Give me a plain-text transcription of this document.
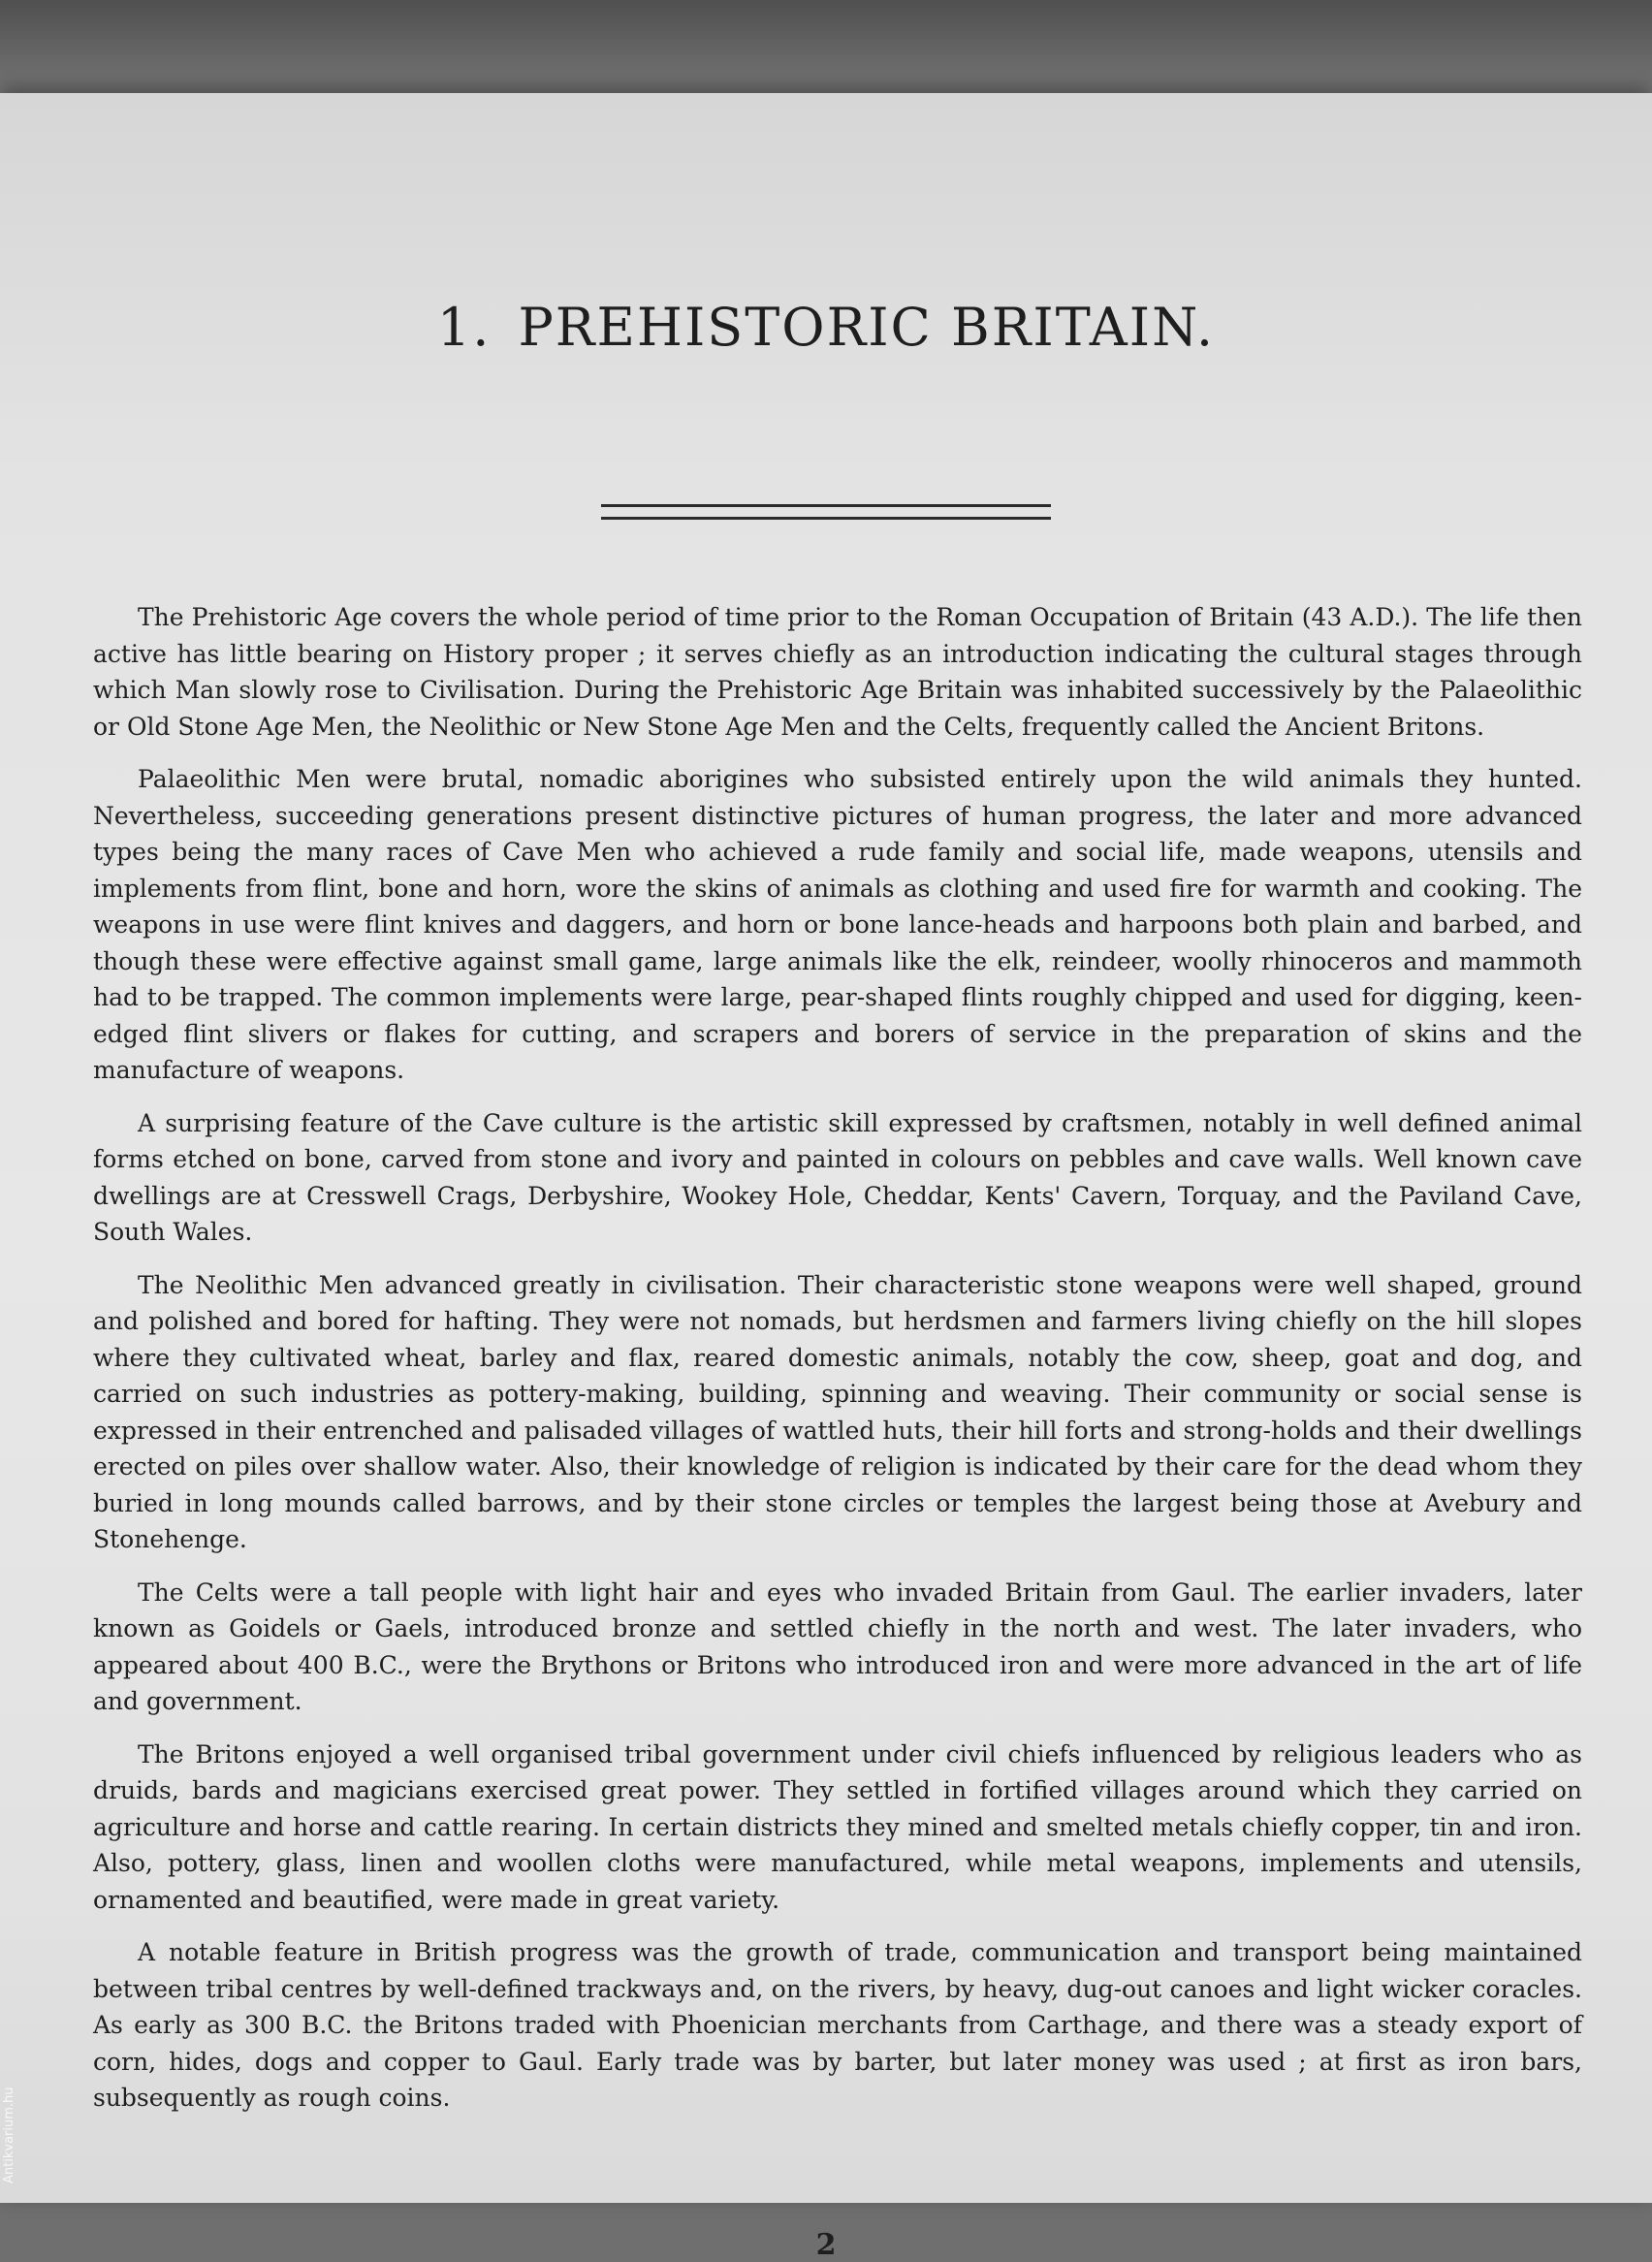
1. PREHISTORIC BRITAIN.

The Prehistoric Age covers the whole period of time prior to the Roman Occupation of Britain (43 A.D.). The life then active has little bearing on History proper ; it serves chiefly as an introduction indicating the cultural stages through which Man slowly rose to Civilisation. During the Prehistoric Age Britain was inhabited successively by the Palaeolithic or Old Stone Age Men, the Neolithic or New Stone Age Men and the Celts, frequently called the Ancient Britons.

Palaeolithic Men were brutal, nomadic aborigines who subsisted entirely upon the wild animals they hunted. Nevertheless, succeeding generations present distinctive pictures of human progress, the later and more advanced types being the many races of Cave Men who achieved a rude family and social life, made weapons, utensils and implements from flint, bone and horn, wore the skins of animals as clothing and used fire for warmth and cooking. The weapons in use were flint knives and daggers, and horn or bone lance-heads and harpoons both plain and barbed, and though these were effective against small game, large animals like the elk, reindeer, woolly rhinoceros and mammoth had to be trapped. The common implements were large, pear-shaped flints roughly chipped and used for digging, keen-edged flint slivers or flakes for cutting, and scrapers and borers of service in the preparation of skins and the manufacture of weapons.

A surprising feature of the Cave culture is the artistic skill expressed by craftsmen, notably in well defined animal forms etched on bone, carved from stone and ivory and painted in colours on pebbles and cave walls. Well known cave dwellings are at Cresswell Crags, Derbyshire, Wookey Hole, Cheddar, Kents' Cavern, Torquay, and the Paviland Cave, South Wales.

The Neolithic Men advanced greatly in civilisation. Their characteristic stone weapons were well shaped, ground and polished and bored for hafting. They were not nomads, but herdsmen and farmers living chiefly on the hill slopes where they cultivated wheat, barley and flax, reared domestic animals, notably the cow, sheep, goat and dog, and carried on such industries as pottery-making, building, spinning and weaving. Their community or social sense is expressed in their entrenched and palisaded villages of wattled huts, their hill forts and strong-holds and their dwellings erected on piles over shallow water. Also, their knowledge of religion is indicated by their care for the dead whom they buried in long mounds called barrows, and by their stone circles or temples the largest being those at Avebury and Stonehenge.

The Celts were a tall people with light hair and eyes who invaded Britain from Gaul. The earlier invaders, later known as Goidels or Gaels, introduced bronze and settled chiefly in the north and west. The later invaders, who appeared about 400 B.C., were the Brythons or Britons who introduced iron and were more advanced in the art of life and government.

The Britons enjoyed a well organised tribal government under civil chiefs influenced by religious leaders who as druids, bards and magicians exercised great power. They settled in fortified villages around which they carried on agriculture and horse and cattle rearing. In certain districts they mined and smelted metals chiefly copper, tin and iron. Also, pottery, glass, linen and woollen cloths were manufactured, while metal weapons, implements and utensils, ornamented and beautified, were made in great variety.

A notable feature in British progress was the growth of trade, communication and transport being maintained between tribal centres by well-defined trackways and, on the rivers, by heavy, dug-out canoes and light wicker coracles. As early as 300 B.C. the Britons traded with Phoenician merchants from Carthage, and there was a steady export of corn, hides, dogs and copper to Gaul. Early trade was by barter, but later money was used ; at first as iron bars, subsequently as rough coins.

2
Antikvarium.hu
